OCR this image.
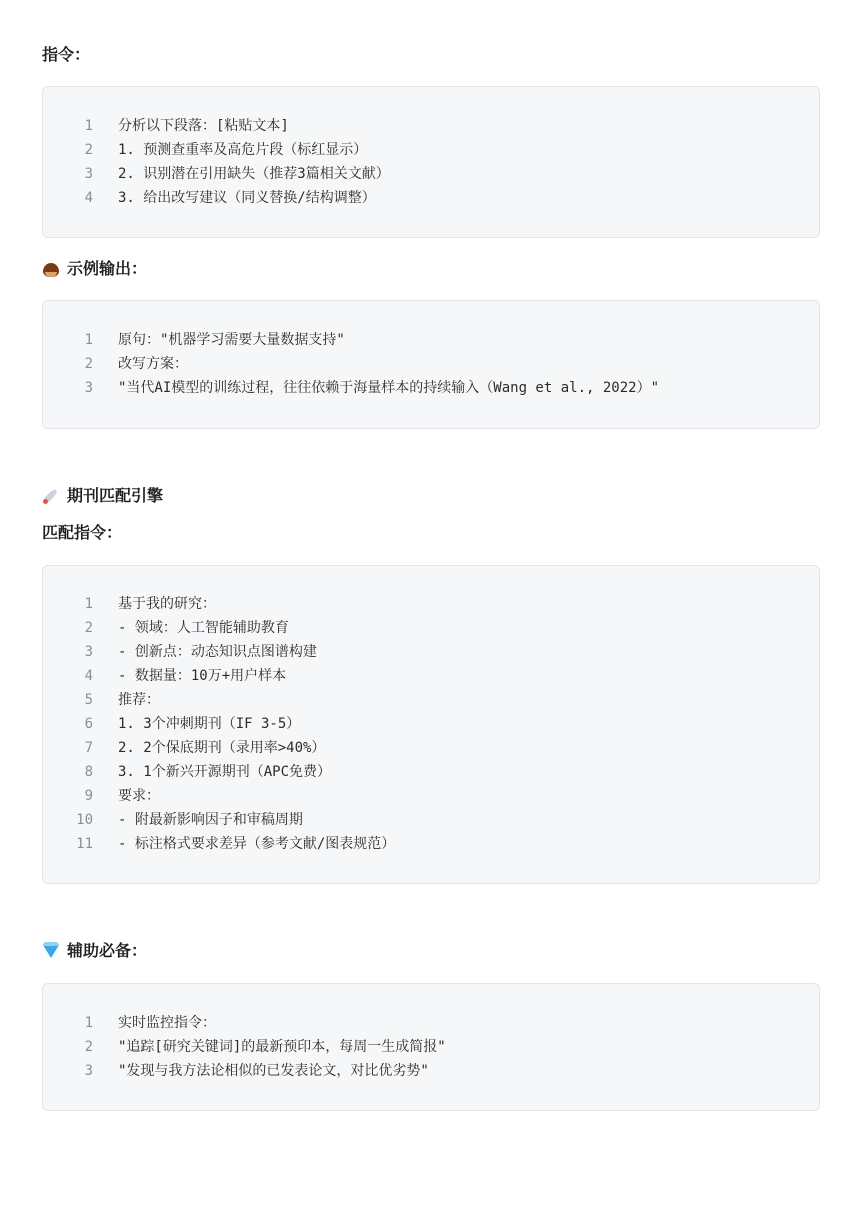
指令：
1	分析以下段落：[粘贴文本]
2	1. 预测查重率及高危片段（标红显示）
3	2. 识别潜在引用缺失（推荐3篇相关文献）
4	3. 给出改写建议（同义替换/结构调整）
示例输出：
1	原句："机器学习需要大量数据支持"
2	改写方案：
3	"当代AI模型的训练过程，往往依赖于海量样本的持续输入（Wang et al., 2022）"
期刊匹配引擎
匹配指令：
1	基于我的研究：
2	- 领域：人工智能辅助教育
3	- 创新点：动态知识点图谱构建
4	- 数据量：10万+用户样本
5	推荐：
6	1. 3个冲刺期刊（IF 3-5）
7	2. 2个保底期刊（录用率>40%）
8	3. 1个新兴开源期刊（APC免费）
9	要求：
10	- 附最新影响因子和审稿周期
11	- 标注格式要求差异（参考文献/图表规范）
辅助必备：
1	实时监控指令：
2	"追踪[研究关键词]的最新预印本，每周一生成简报"
3	"发现与我方法论相似的已发表论文，对比优劣势"
